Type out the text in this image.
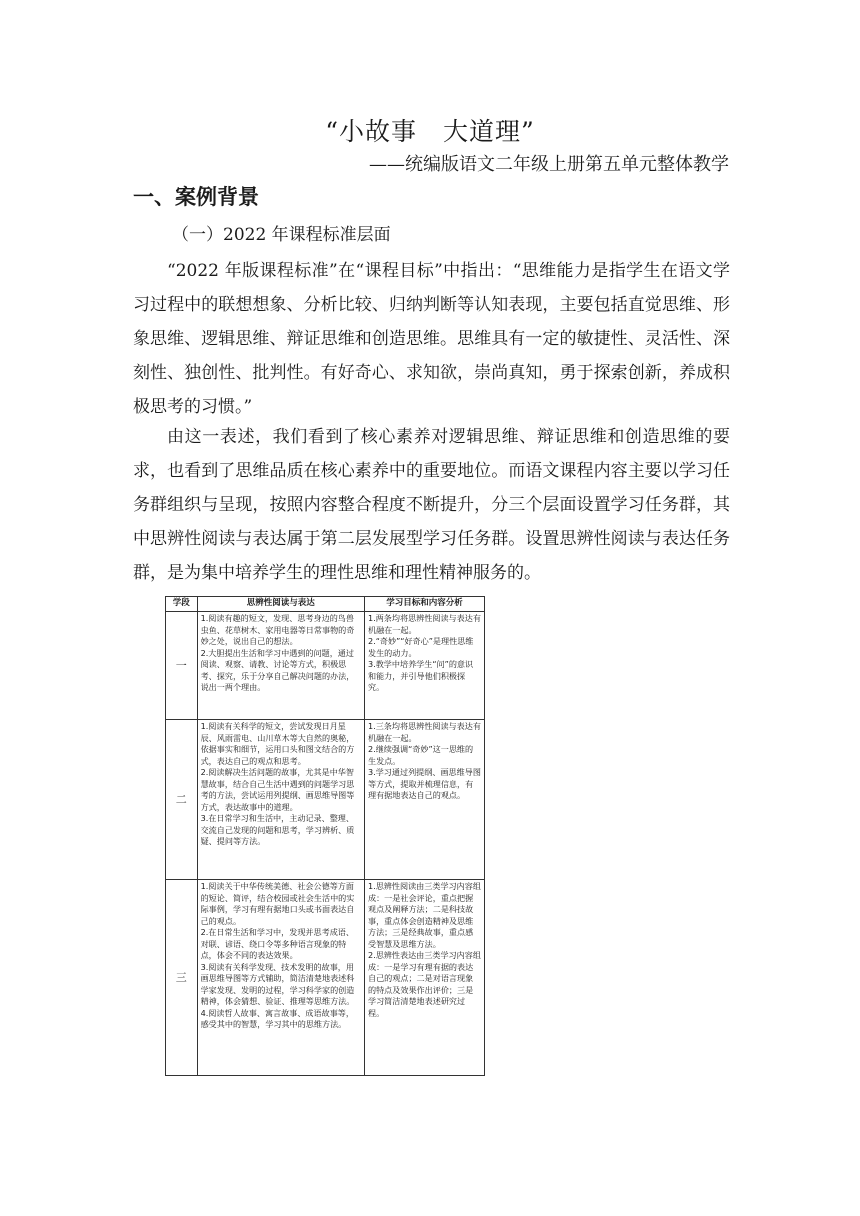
“小故事　大道理”
——统编版语文二年级上册第五单元整体教学
一、案例背景
（一）2022 年课程标准层面

“2022 年版课程标准”在“课程目标”中指出：“思维能力是指学生在语文学习过程中的联想想象、分析比较、归纳判断等认知表现，主要包括直觉思维、形象思维、逻辑思维、辩证思维和创造思维。思维具有一定的敏捷性、灵活性、深刻性、独创性、批判性。有好奇心、求知欲，崇尚真知，勇于探索创新，养成积极思考的习惯。”

由这一表述，我们看到了核心素养对逻辑思维、辩证思维和创造思维的要求，也看到了思维品质在核心素养中的重要地位。而语文课程内容主要以学习任务群组织与呈现，按照内容整合程度不断提升，分三个层面设置学习任务群，其中思辨性阅读与表达属于第二层发展型学习任务群。设置思辨性阅读与表达任务群，是为集中培养学生的理性思维和理性精神服务的。

学段	思辨性阅读与表达	学习目标和内容分析
一	1.阅读有趣的短文，发现、思考身边的鸟兽虫鱼、花草树木、家用电器等日常事物的奇妙之处，说出自己的想法。
2.大胆提出生活和学习中遇到的问题，通过阅读、观察、请教、讨论等方式，积极思考、探究，乐于分享自己解决问题的办法，说出一两个理由。	1.两条均将思辨性阅读与表达有机融在一起。
2.“奇妙”“好奇心”是理性思维发生的动力。
3.教学中培养学生“问”的意识和能力，并引导他们积极探究。

二	1.阅读有关科学的短文，尝试发现日月星辰、风雨雷电、山川草木等大自然的奥秘，依据事实和细节，运用口头和图文结合的方式，表达自己的观点和思考。
2.阅读解决生活问题的故事，尤其是中华智慧故事，结合自己生活中遇到的问题学习思考的方法，尝试运用列提纲、画思维导图等方式，表达故事中的道理。
3.在日常学习和生活中，主动记录、整理、交流自己发现的问题和思考，学习辨析、质疑、提问等方法。	1.三条均将思辨性阅读与表达有机融在一起。
2.继续强调“奇妙”这一思维的生发点。
3.学习通过列提纲、画思维导图等方式，提取并梳理信息，有理有据地表达自己的观点。

三	1.阅读关于中华传统美德、社会公德等方面的短论、简评，结合校园或社会生活中的实际事例，学习有理有据地口头或书面表达自己的观点。
2.在日常生活和学习中，发现并思考成语、对联、谚语、绕口令等多种语言现象的特点，体会不同的表达效果。
3.阅读有关科学发现、技术发明的故事，用画思维导图等方式辅助，简洁清楚地表述科学家发现、发明的过程，学习科学家的创造精神，体会猜想、验证、推理等思维方法。
4.阅读哲人故事、寓言故事、成语故事等，感受其中的智慧，学习其中的思维方法。	1.思辨性阅读由三类学习内容组成：一是社会评论，重点把握观点及阐释方法；二是科技故事，重点体会创造精神及思维方法；三是经典故事，重点感受智慧及思维方法。
2.思辨性表达由三类学习内容组成：一是学习有理有据的表达自己的观点；二是对语言现象的特点及效果作出评价；三是学习简洁清楚地表述研究过程。
